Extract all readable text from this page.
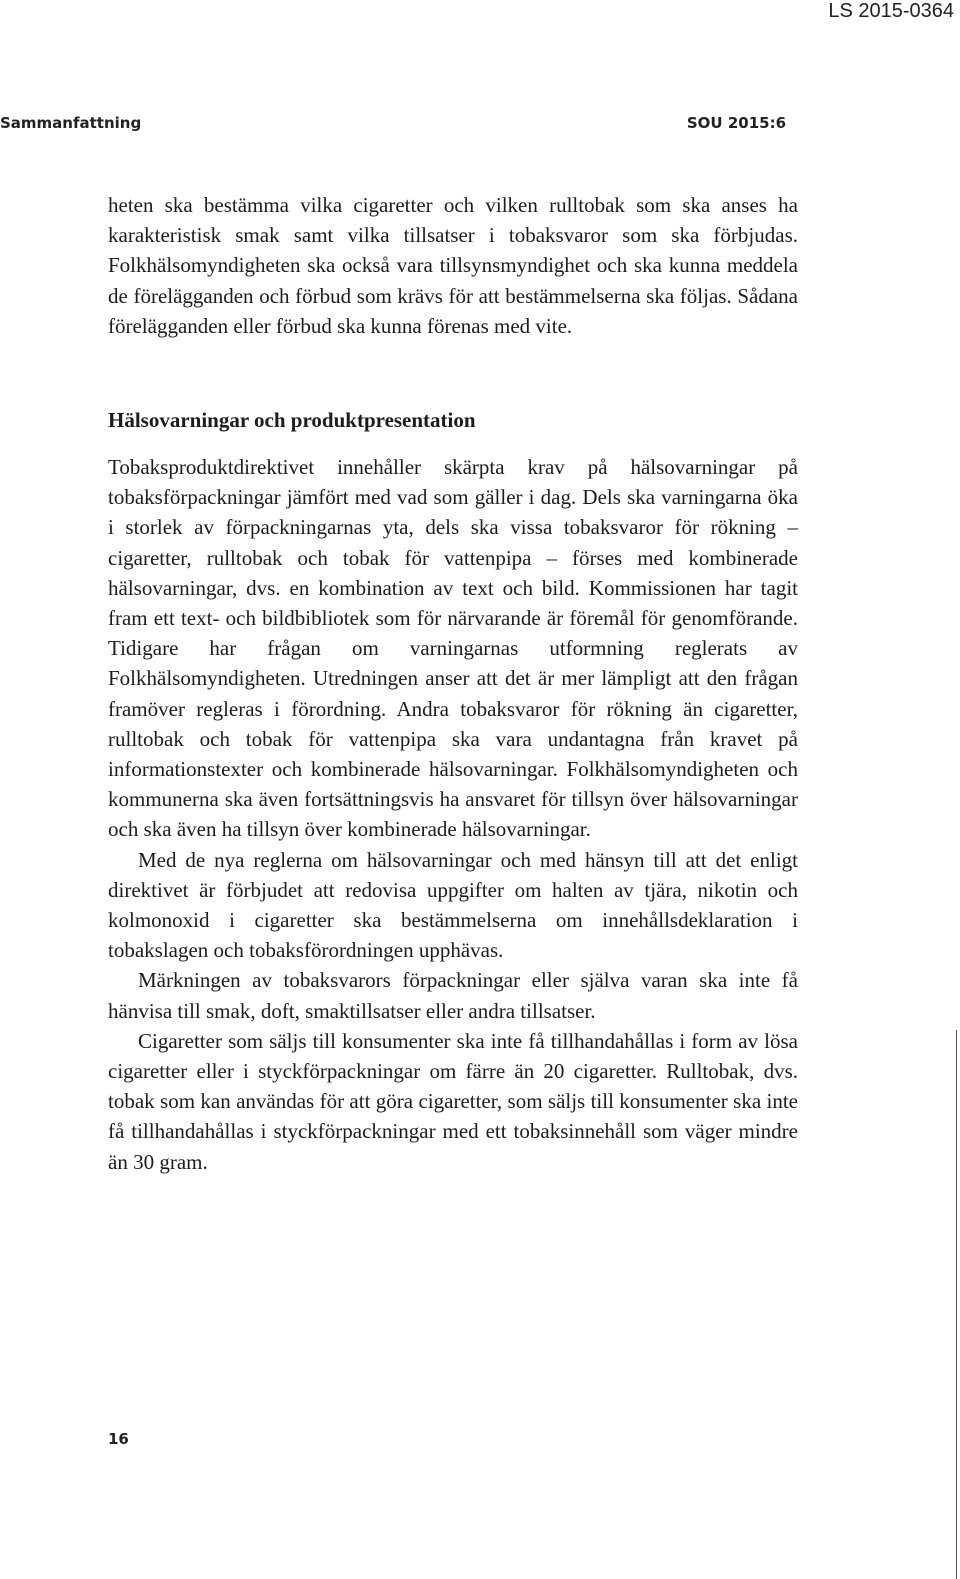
LS 2015-0364
Sammanfattning	SOU 2015:6

heten ska bestämma vilka cigaretter och vilken rulltobak som ska anses ha karakteristisk smak samt vilka tillsatser i tobaksvaror som ska förbjudas. Folkhälsomyndigheten ska också vara tillsynsmyndighet och ska kunna meddela de förelägganden och förbud som krävs för att bestämmelserna ska följas. Sådana förelägganden eller förbud ska kunna förenas med vite.

Hälsovarningar och produktpresentation

Tobaksproduktdirektivet innehåller skärpta krav på hälsovarningar på tobaksförpackningar jämfört med vad som gäller i dag. Dels ska varningarna öka i storlek av förpackningarnas yta, dels ska vissa tobaksvaror för rökning – cigaretter, rulltobak och tobak för vattenpipa – förses med kombinerade hälsovarningar, dvs. en kombination av text och bild. Kommissionen har tagit fram ett text- och bildbibliotek som för närvarande är föremål för genomförande. Tidigare har frågan om varningarnas utformning reglerats av Folkhälsomyndigheten. Utredningen anser att det är mer lämpligt att den frågan framöver regleras i förordning. Andra tobaksvaror för rökning än cigaretter, rulltobak och tobak för vattenpipa ska vara undantagna från kravet på informationstexter och kombinerade hälsovarningar. Folkhälsomyndigheten och kommunerna ska även fortsättningsvis ha ansvaret för tillsyn över hälsovarningar och ska även ha tillsyn över kombinerade hälsovarningar.

Med de nya reglerna om hälsovarningar och med hänsyn till att det enligt direktivet är förbjudet att redovisa uppgifter om halten av tjära, nikotin och kolmonoxid i cigaretter ska bestämmelserna om innehållsdeklaration i tobakslagen och tobaksförordningen upphävas.

Märkningen av tobaksvarors förpackningar eller själva varan ska inte få hänvisa till smak, doft, smaktillsatser eller andra tillsatser.

Cigaretter som säljs till konsumenter ska inte få tillhandahållas i form av lösa cigaretter eller i styckförpackningar om färre än 20 cigaretter. Rulltobak, dvs. tobak som kan användas för att göra cigaretter, som säljs till konsumenter ska inte få tillhandahållas i styckförpackningar med ett tobaksinnehåll som väger mindre än 30 gram.

16
